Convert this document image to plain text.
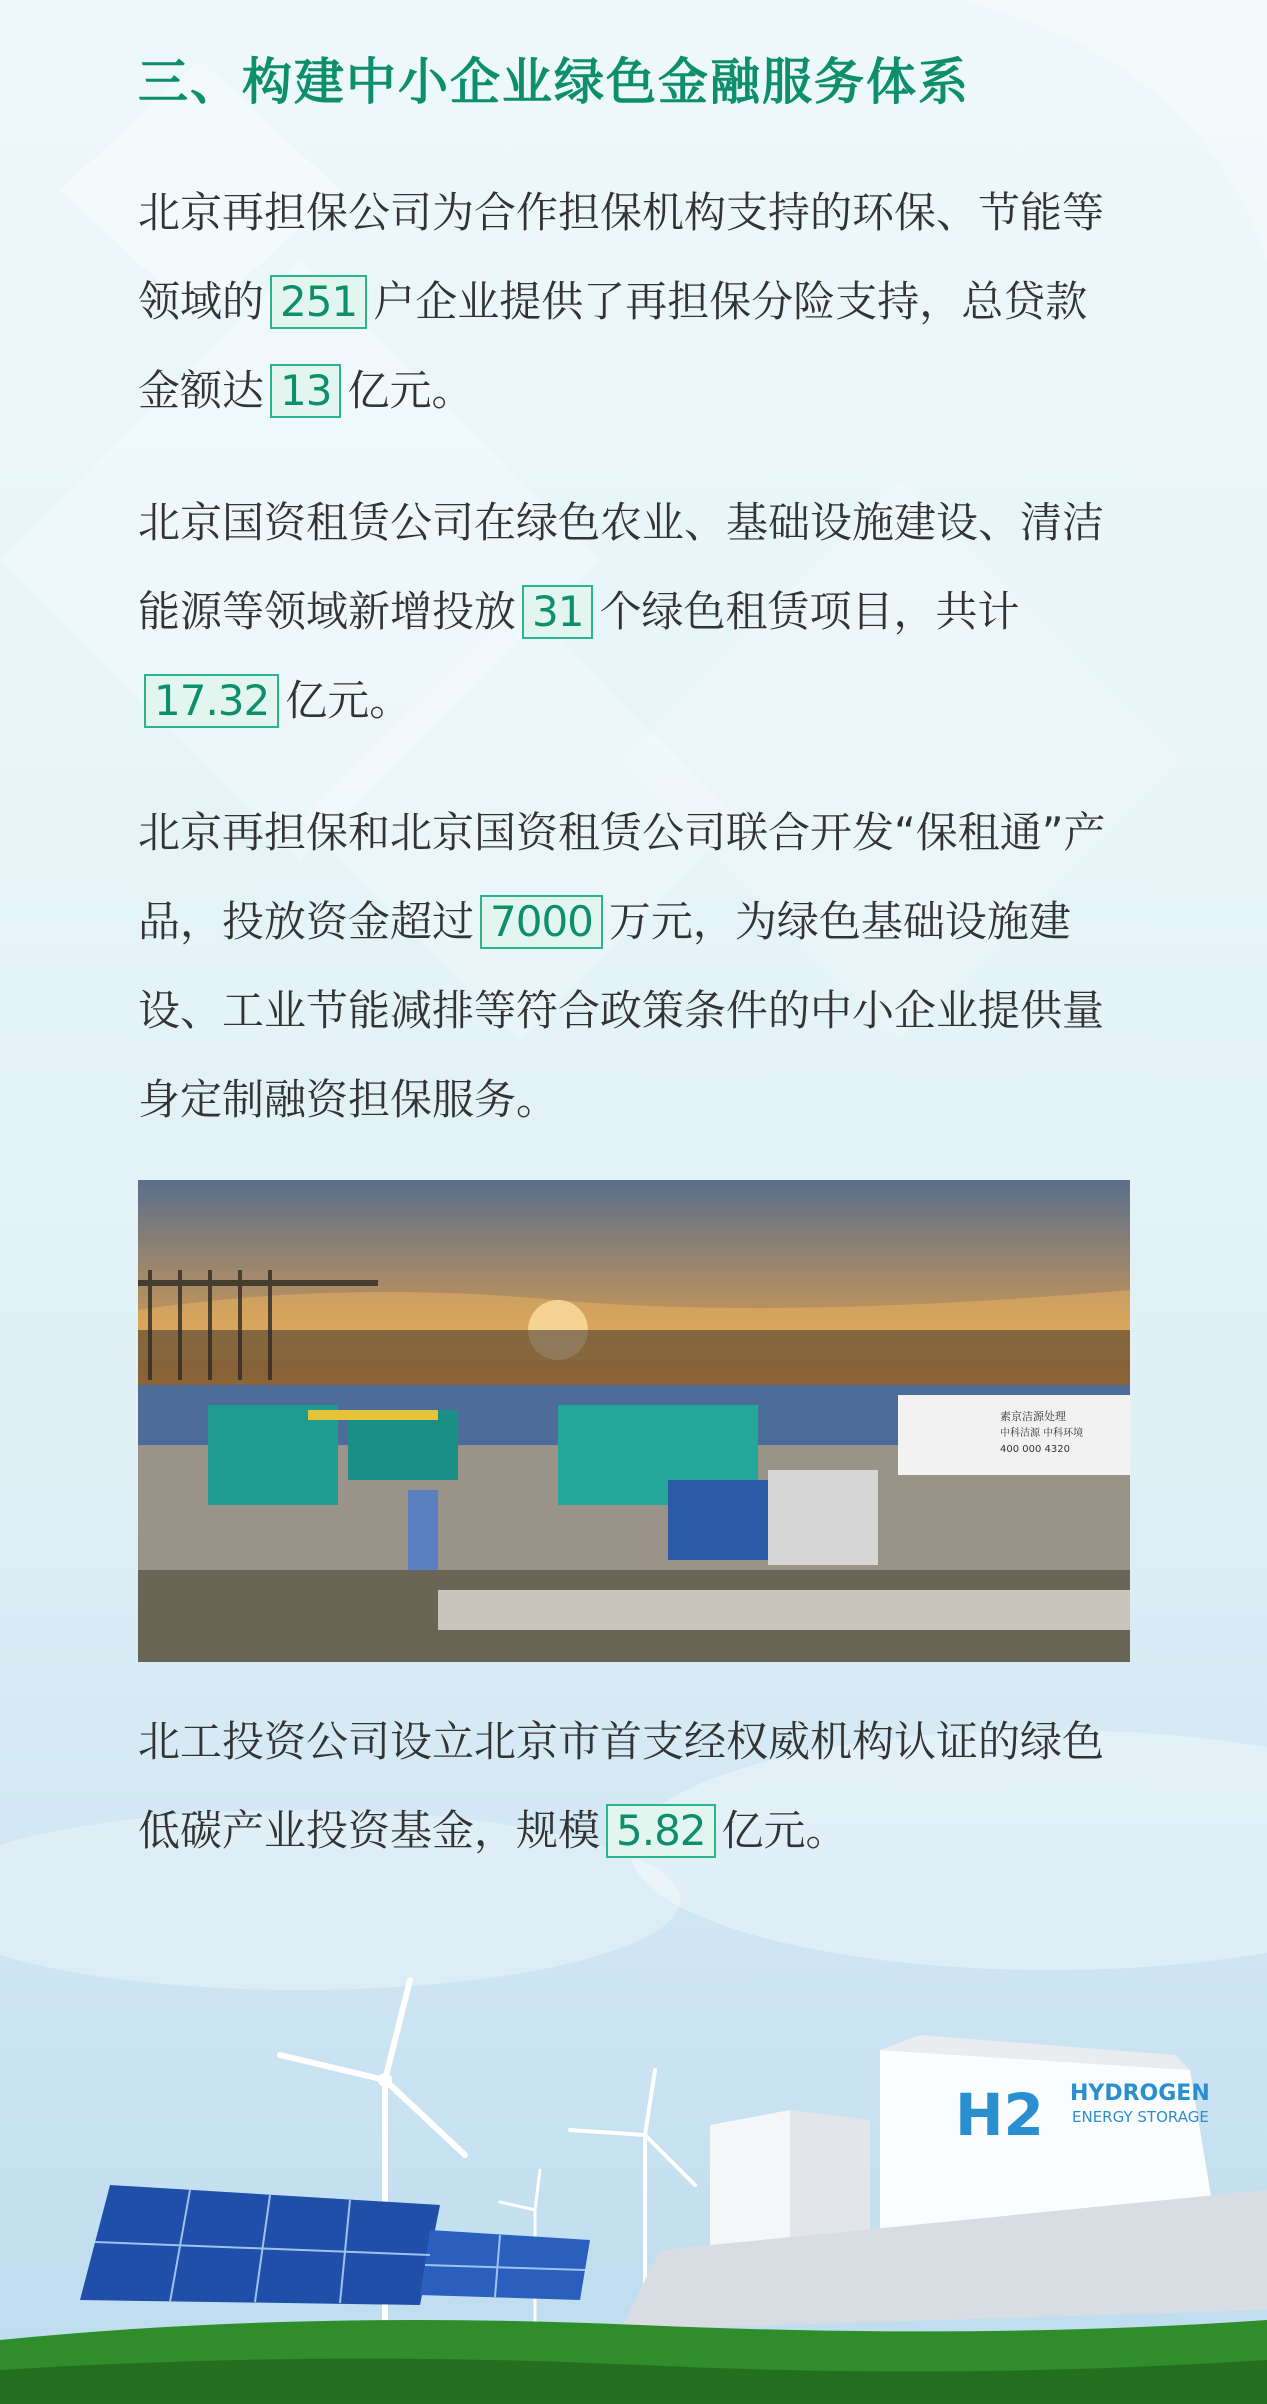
三、构建中小企业绿色金融服务体系

北京再担保公司为合作担保机构支持的环保、节能等领域的 251 户企业提供了再担保分险支持，总贷款金额达 13 亿元。

北京国资租赁公司在绿色农业、基础设施建设、清洁能源等领域新增投放 31 个绿色租赁项目，共计17.32 亿元。

北京再担保和北京国资租赁公司联合开发“保租通”产品，投放资金超过 7000 万元，为绿色基础设施建设、工业节能减排等符合政策条件的中小企业提供量身定制融资担保服务。

素京洁源处理
中科洁源 中科环境
400 000 4320

北工投资公司设立北京市首支经权威机构认证的绿色低碳产业投资基金，规模 5.82 亿元。

H2 HYDROGEN
ENERGY STORAGE
